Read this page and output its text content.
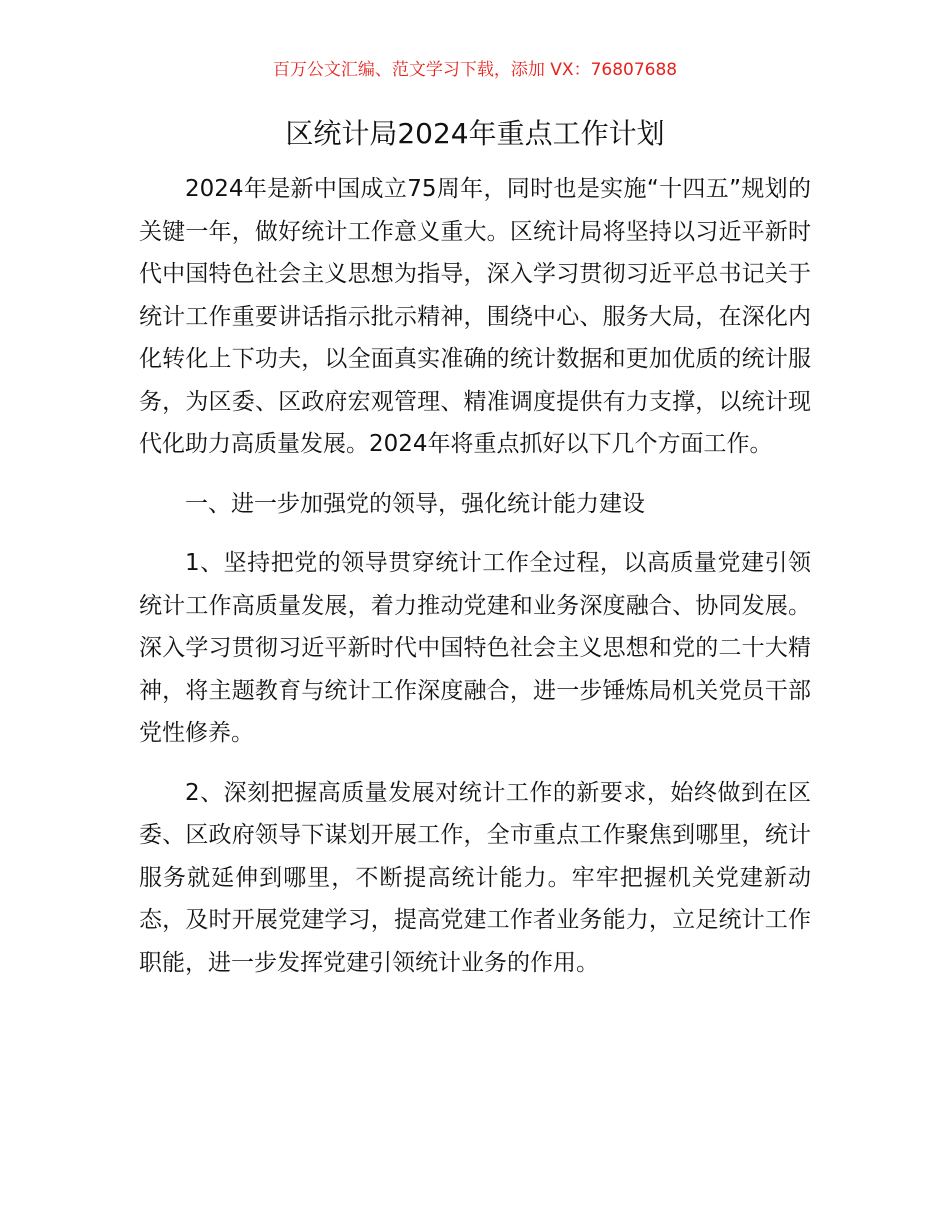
百万公文汇编、范文学习下载，添加 VX：76807688
区统计局2024年重点工作计划

2024年是新中国成立75周年，同时也是实施“十四五”规划的关键一年，做好统计工作意义重大。区统计局将坚持以习近平新时代中国特色社会主义思想为指导，深入学习贯彻习近平总书记关于统计工作重要讲话指示批示精神，围绕中心、服务大局，在深化内化转化上下功夫，以全面真实准确的统计数据和更加优质的统计服务，为区委、区政府宏观管理、精准调度提供有力支撑，以统计现代化助力高质量发展。2024年将重点抓好以下几个方面工作。

一、进一步加强党的领导，强化统计能力建设

1、坚持把党的领导贯穿统计工作全过程，以高质量党建引领统计工作高质量发展，着力推动党建和业务深度融合、协同发展。深入学习贯彻习近平新时代中国特色社会主义思想和党的二十大精神，将主题教育与统计工作深度融合，进一步锤炼局机关党员干部党性修养。

2、深刻把握高质量发展对统计工作的新要求，始终做到在区委、区政府领导下谋划开展工作，全市重点工作聚焦到哪里，统计服务就延伸到哪里，不断提高统计能力。牢牢把握机关党建新动态，及时开展党建学习，提高党建工作者业务能力，立足统计工作职能，进一步发挥党建引领统计业务的作用。
